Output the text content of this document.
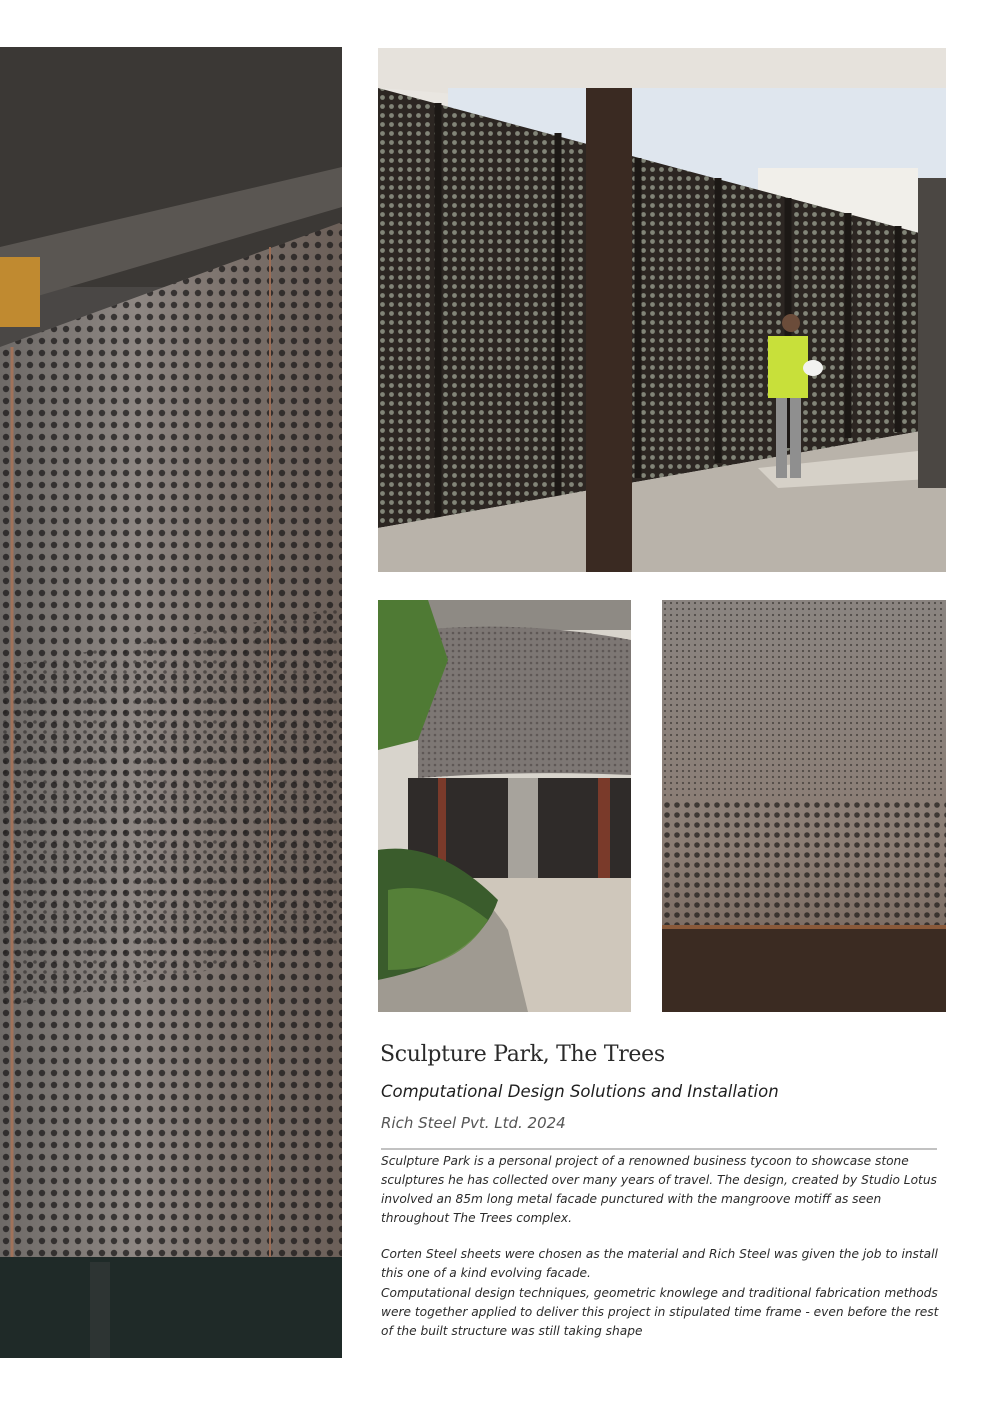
Sculpture Park, The Trees
Computational Design Solutions and Installation
Rich Steel Pvt. Ltd. 2024
Sculpture Park is a personal project of a renowned business tycoon to showcase stone sculptures he has collected over many years of travel. The design, created by Studio Lotus involved an 85m long metal facade punctured with the mangroove motiff as seen throughout The Trees complex.
Corten Steel sheets were chosen as the material and Rich Steel was given the job to install this one of a kind evolving facade.
Computational design techniques, geometric knowlege and traditional fabrication methods were together applied to deliver this project in stipulated time frame - even before the rest of the built structure was still taking shape
